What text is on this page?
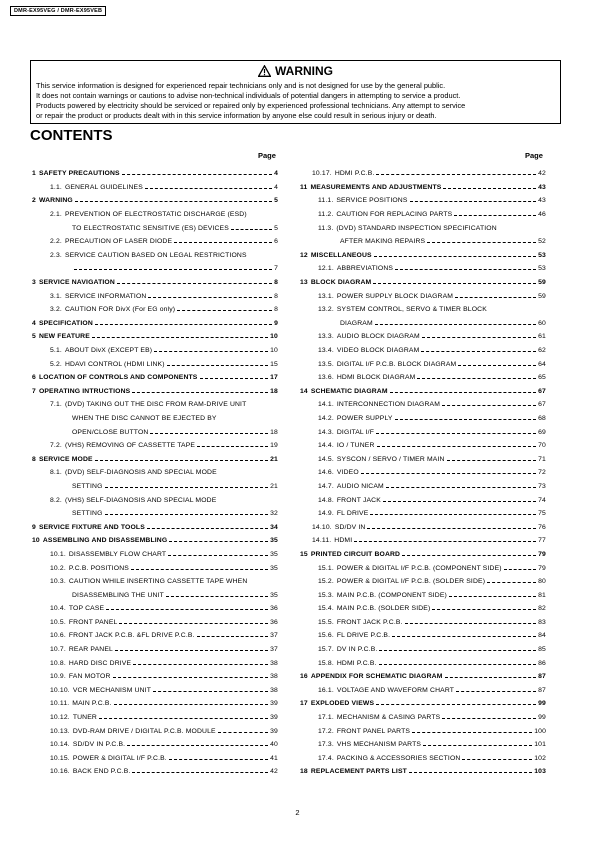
DMR-EX95VEG / DMR-EX95VEB
WARNING
This service information is designed for experienced repair technicians only and is not designed for use by the general public.
It does not contain warnings or cautions to advise non-technical individuals of potential dangers in attempting to service a product.
Products powered by electricity should be serviced or repaired only by experienced professional technicians. Any attempt to service
or repair the product or products dealt with in this service information by anyone else could result in serious injury or death.
CONTENTS
Page	Page
1 SAFETY PRECAUTIONS	4
1.1. GENERAL GUIDELINES	4
2 WARNING	5
2.1. PREVENTION OF ELECTROSTATIC DISCHARGE (ESD)
TO ELECTROSTATIC SENSITIVE (ES) DEVICES	5
2.2. PRECAUTION OF LASER DIODE	6
2.3. SERVICE CAUTION BASED ON LEGAL RESTRICTIONS
7
3 SERVICE NAVIGATION	8
3.1. SERVICE INFORMATION	8
3.2. CAUTION FOR DivX (For EG only)	8
4 SPECIFICATION	9
5 NEW FEATURE	10
5.1. ABOUT DivX (EXCEPT EB)	10
5.2. HDAVI CONTROL (HDMI LINK)	15
6 LOCATION OF CONTROLS AND COMPONENTS	17
7 OPERATING INTRUCTIONS	18
7.1. (DVD) TAKING OUT THE DISC FROM RAM-DRIVE UNIT
WHEN THE DISC CANNOT BE EJECTED BY
OPEN/CLOSE BUTTON	18
7.2. (VHS) REMOVING OF CASSETTE TAPE	19
8 SERVICE MODE	21
8.1. (DVD) SELF-DIAGNOSIS AND SPECIAL MODE
SETTING	21
8.2. (VHS) SELF-DIAGNOSIS AND SPECIAL MODE
SETTING	32
9 SERVICE FIXTURE AND TOOLS	34
10 ASSEMBLING AND DISASSEMBLING	35
10.1. DISASSEMBLY FLOW CHART	35
10.2. P.C.B. POSITIONS	35
10.3. CAUTION WHILE INSERTING CASSETTE TAPE WHEN
DISASSEMBLING THE UNIT	35
10.4. TOP CASE	36
10.5. FRONT PANEL	36
10.6. FRONT JACK P.C.B. &FL DRIVE P.C.B.	37
10.7. REAR PANEL	37
10.8. HARD DISC DRIVE	38
10.9. FAN MOTOR	38
10.10. VCR MECHANISM UNIT	38
10.11. MAIN P.C.B.	39
10.12. TUNER	39
10.13. DVD-RAM DRIVE / DIGITAL P.C.B. MODULE	39
10.14. SD/DV IN P.C.B.	40
10.15. POWER & DIGITAL I/F P.C.B.	41
10.16. BACK END P.C.B.	42
10.17. HDMI P.C.B.	42
11 MEASUREMENTS AND ADJUSTMENTS	43
11.1. SERVICE POSITIONS	43
11.2. CAUTION FOR REPLACING PARTS	46
11.3. (DVD) STANDARD INSPECTION SPECIFICATION
AFTER MAKING REPAIRS	52
12 MISCELLANEOUS	53
12.1. ABBREVIATIONS	53
13 BLOCK DIAGRAM	59
13.1. POWER SUPPLY BLOCK DIAGRAM	59
13.2. SYSTEM CONTROL, SERVO & TIMER BLOCK
DIAGRAM	60
13.3. AUDIO BLOCK DIAGRAM	61
13.4. VIDEO BLOCK DIAGRAM	62
13.5. DIGITAL I/F P.C.B. BLOCK DIAGRAM	64
13.6. HDMI BLOCK DIAGRAM	65
14 SCHEMATIC DIAGRAM	67
14.1. INTERCONNECTION DIAGRAM	67
14.2. POWER SUPPLY	68
14.3. DIGITAL I/F	69
14.4. IO / TUNER	70
14.5. SYSCON / SERVO / TIMER MAIN	71
14.6. VIDEO	72
14.7. AUDIO NICAM	73
14.8. FRONT JACK	74
14.9. FL DRIVE	75
14.10. SD/DV IN	76
14.11. HDMI	77
15 PRINTED CIRCUIT BOARD	79
15.1. POWER & DIGITAL I/F P.C.B. (COMPONENT SIDE)	79
15.2. POWER & DIGITAL I/F P.C.B. (SOLDER SIDE)	80
15.3. MAIN P.C.B. (COMPONENT SIDE)	81
15.4. MAIN P.C.B. (SOLDER SIDE)	82
15.5. FRONT JACK P.C.B.	83
15.6. FL DRIVE P.C.B.	84
15.7. DV IN P.C.B.	85
15.8. HDMI P.C.B.	86
16 APPENDIX FOR SCHEMATIC DIAGRAM	87
16.1. VOLTAGE AND WAVEFORM CHART	87
17 EXPLODED VIEWS	99
17.1. MECHANISM & CASING PARTS	99
17.2. FRONT PANEL PARTS	100
17.3. VHS MECHANISM PARTS	101
17.4. PACKING & ACCESSORIES SECTION	102
18 REPLACEMENT PARTS LIST	103
2
